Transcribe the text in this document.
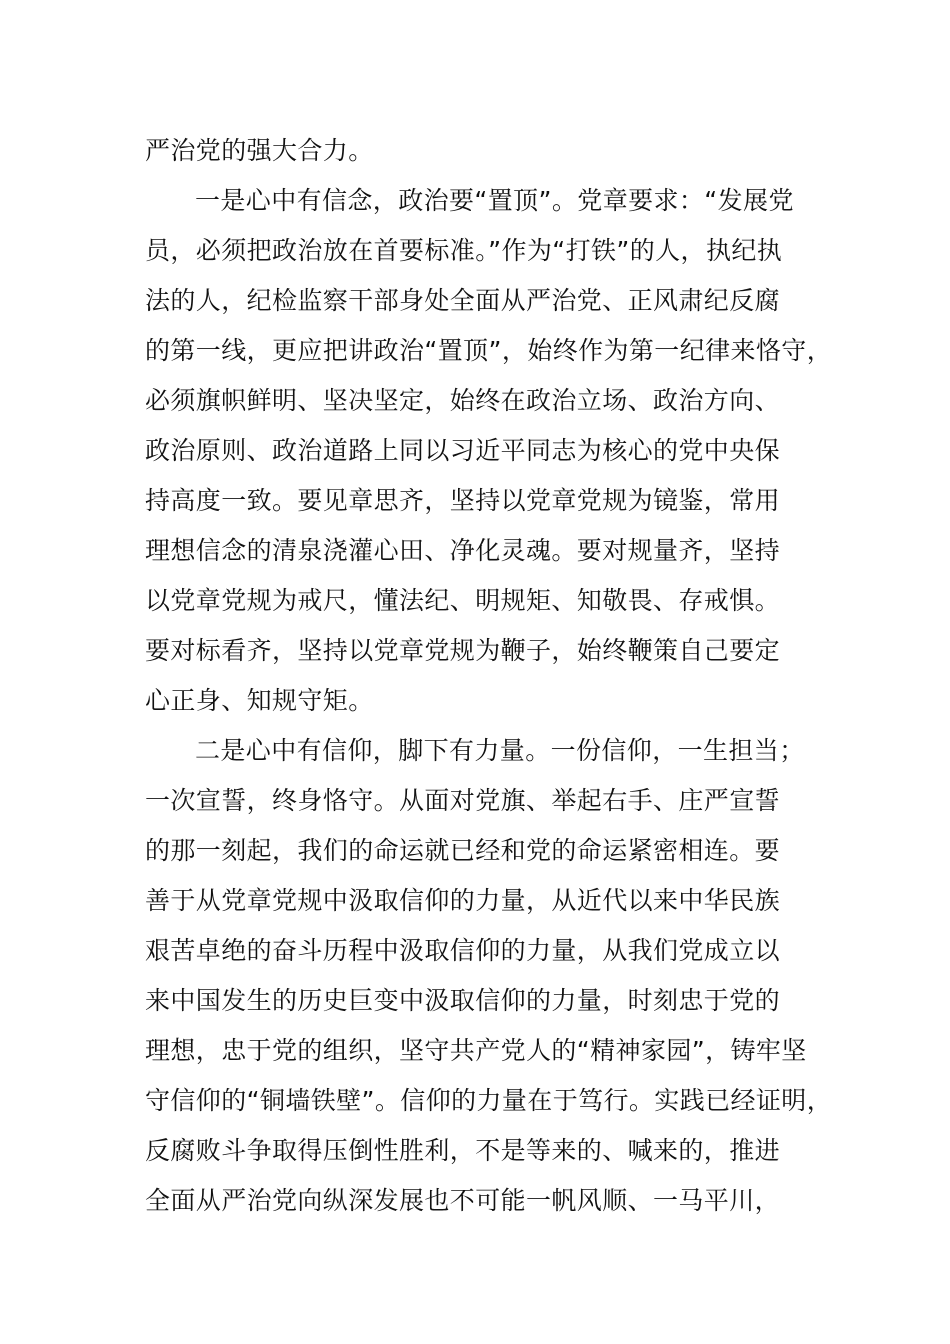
严治党的强大合力。
一是心中有信念，政治要“置顶”。党章要求：“发展党
员，必须把政治放在首要标准。”作为“打铁”的人，执纪执
法的人，纪检监察干部身处全面从严治党、正风肃纪反腐
的第一线，更应把讲政治“置顶”，始终作为第一纪律来恪守，
必须旗帜鲜明、坚决坚定，始终在政治立场、政治方向、
政治原则、政治道路上同以习近平同志为核心的党中央保
持高度一致。要见章思齐，坚持以党章党规为镜鉴，常用
理想信念的清泉浇灌心田、净化灵魂。要对规量齐，坚持
以党章党规为戒尺，懂法纪、明规矩、知敬畏、存戒惧。
要对标看齐，坚持以党章党规为鞭子，始终鞭策自己要定
心正身、知规守矩。
二是心中有信仰，脚下有力量。一份信仰，一生担当；
一次宣誓，终身恪守。从面对党旗、举起右手、庄严宣誓
的那一刻起，我们的命运就已经和党的命运紧密相连。要
善于从党章党规中汲取信仰的力量，从近代以来中华民族
艰苦卓绝的奋斗历程中汲取信仰的力量，从我们党成立以
来中国发生的历史巨变中汲取信仰的力量，时刻忠于党的
理想，忠于党的组织，坚守共产党人的“精神家园”，铸牢坚
守信仰的“铜墙铁壁”。信仰的力量在于笃行。实践已经证明，
反腐败斗争取得压倒性胜利，不是等来的、喊来的，推进
全面从严治党向纵深发展也不可能一帆风顺、一马平川，
